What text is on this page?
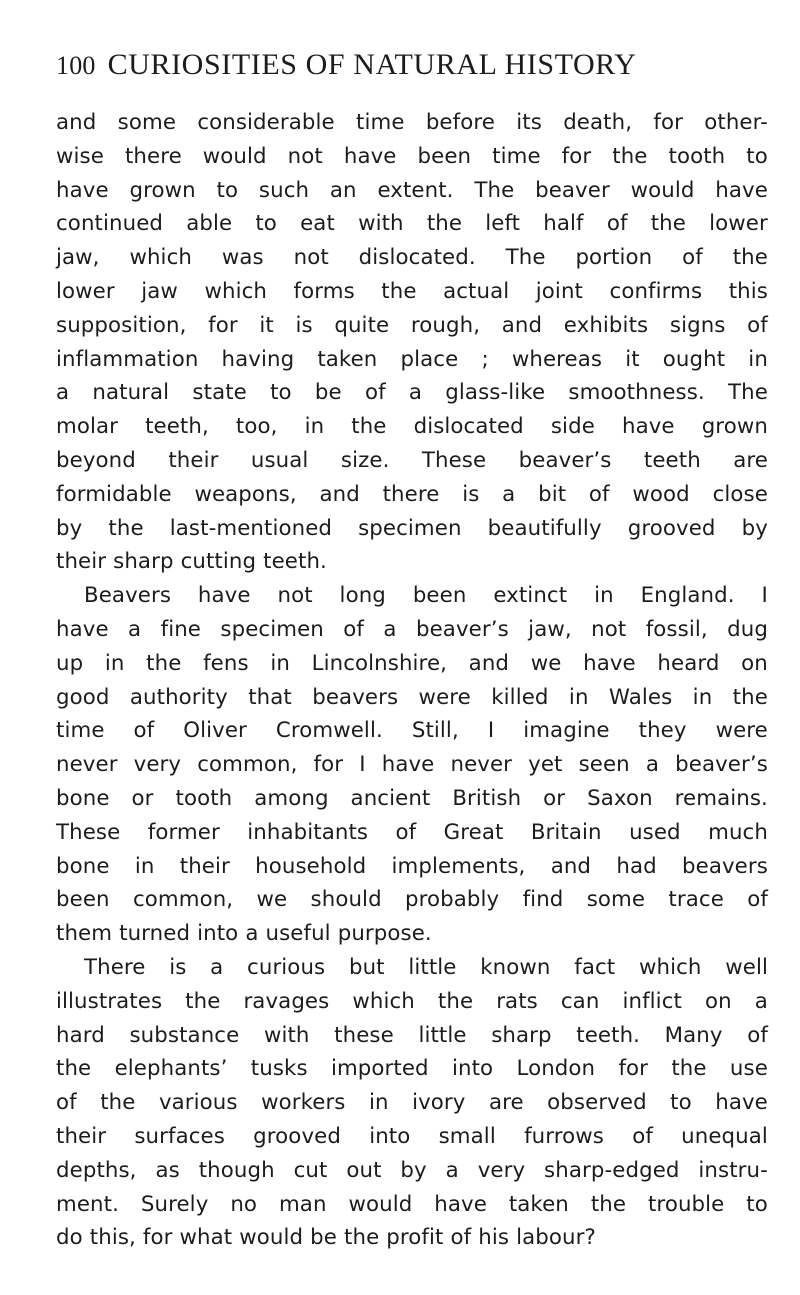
100 CURIOSITIES OF NATURAL HISTORY
and some considerable time before its death, for other-
wise there would not have been time for the tooth to
have grown to such an extent. The beaver would have
continued able to eat with the left half of the lower
jaw, which was not dislocated. The portion of the
lower jaw which forms the actual joint confirms this
supposition, for it is quite rough, and exhibits signs of
inflammation having taken place ; whereas it ought in
a natural state to be of a glass-like smoothness. The
molar teeth, too, in the dislocated side have grown
beyond their usual size. These beaver’s teeth are
formidable weapons, and there is a bit of wood close
by the last-mentioned specimen beautifully grooved by
their sharp cutting teeth.
Beavers have not long been extinct in England. I
have a fine specimen of a beaver’s jaw, not fossil, dug
up in the fens in Lincolnshire, and we have heard on
good authority that beavers were killed in Wales in the
time of Oliver Cromwell. Still, I imagine they were
never very common, for I have never yet seen a beaver’s
bone or tooth among ancient British or Saxon remains.
These former inhabitants of Great Britain used much
bone in their household implements, and had beavers
been common, we should probably find some trace of
them turned into a useful purpose.
There is a curious but little known fact which well
illustrates the ravages which the rats can inflict on a
hard substance with these little sharp teeth. Many of
the elephants’ tusks imported into London for the use
of the various workers in ivory are observed to have
their surfaces grooved into small furrows of unequal
depths, as though cut out by a very sharp-edged instru-
ment. Surely no man would have taken the trouble to
do this, for what would be the profit of his labour?
